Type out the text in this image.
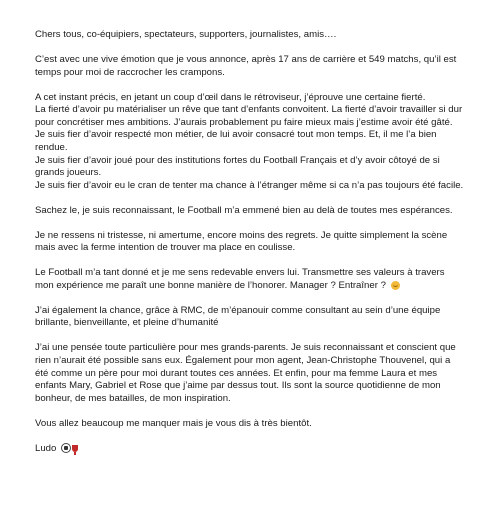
Chers tous, co-équipiers, spectateurs, supporters, journalistes, amis….

C’est avec une vive émotion que je vous annonce, après 17 ans de carrière et 549 matchs, qu’il est temps pour moi de raccrocher les crampons.

A cet instant précis, en jetant un coup d’œil dans le rétroviseur, j’éprouve une certaine fierté.
La fierté d’avoir pu matérialiser un rêve que tant d’enfants convoitent. La fierté d’avoir travailler si dur pour concrétiser mes ambitions. J’aurais probablement pu faire mieux mais j’estime avoir été gâté.
Je suis fier d’avoir respecté mon métier, de lui avoir consacré tout mon temps. Et, il me l’a bien rendue.
Je suis fier d’avoir joué pour des institutions fortes du Football Français et d’y avoir côtoyé de si grands joueurs.
Je suis fier d’avoir eu le cran de tenter ma chance à l’étranger même si ca n’a pas toujours été facile.

Sachez le, je suis reconnaissant, le Football m’a emmené bien au delà de toutes mes espérances.

Je ne ressens ni tristesse, ni amertume, encore moins des regrets. Je quitte simplement la scène mais avec la ferme intention de trouver ma place en coulisse.

Le Football m’a tant donné et je me sens redevable envers lui. Transmettre ses valeurs à travers mon expérience me paraît une bonne manière de l’honorer. Manager ? Entraîner ?

J’ai également la chance, grâce à RMC, de m’épanouir comme consultant au sein d’une équipe brillante, bienveillante, et pleine d’humanité

J’ai une pensée toute particulière pour mes grands-parents. Je suis reconnaissant et conscient que rien n’aurait été possible sans eux. Également pour mon agent, Jean-Christophe Thouvenel, qui a été comme un père pour moi durant toutes ces années. Et enfin, pour ma femme Laura et mes enfants Mary, Gabriel et Rose que j’aime par dessus tout. Ils sont la source quotidienne de mon bonheur, de mes batailles, de mon inspiration.

Vous allez beaucoup me manquer mais je vous dis à très bientôt.

Ludo
